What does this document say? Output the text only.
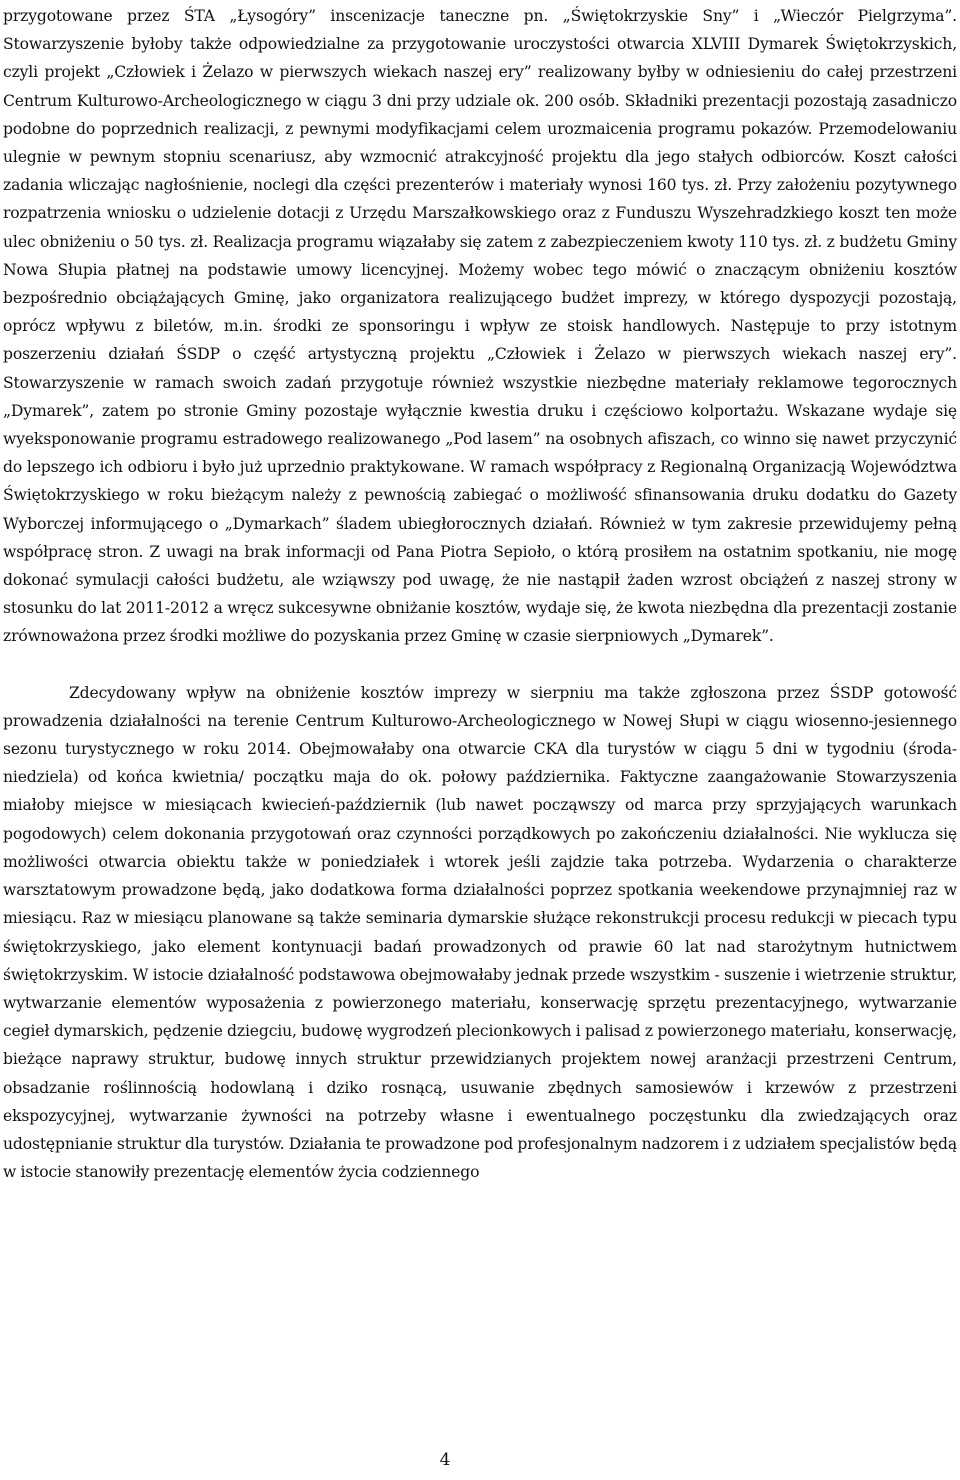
przygotowane przez ŚTA „Łysogóry” inscenizacje taneczne pn. „Świętokrzyskie Sny” i „Wieczór Pielgrzyma”. Stowarzyszenie byłoby także odpowiedzialne za przygotowanie uroczystości otwarcia XLVIII Dymarek Świętokrzyskich, czyli projekt „Człowiek i Żelazo w pierwszych wiekach naszej ery” realizowany byłby w odniesieniu do całej przestrzeni Centrum Kulturowo-Archeologicznego w ciągu 3 dni przy udziale ok. 200 osób. Składniki prezentacji pozostają zasadniczo podobne do poprzednich realizacji, z pewnymi modyfikacjami celem urozmaicenia programu pokazów. Przemodelowaniu ulegnie w pewnym stopniu scenariusz, aby wzmocnić atrakcyjność projektu dla jego stałych odbiorców. Koszt całości zadania wliczając nagłośnienie, noclegi dla części prezenterów i materiały wynosi 160 tys. zł. Przy założeniu pozytywnego rozpatrzenia wniosku o udzielenie dotacji z Urzędu Marszałkowskiego oraz z Funduszu Wyszehradzkiego koszt ten może ulec obniżeniu o 50 tys. zł. Realizacja programu wiązałaby się zatem z zabezpieczeniem kwoty 110 tys. zł. z budżetu Gminy Nowa Słupia płatnej na podstawie umowy licencyjnej. Możemy wobec tego mówić o znaczącym obniżeniu kosztów bezpośrednio obciążających Gminę, jako organizatora realizującego budżet imprezy, w którego dyspozycji pozostają, oprócz wpływu z biletów, m.in. środki ze sponsoringu i wpływ ze stoisk handlowych. Następuje to przy istotnym poszerzeniu działań ŚSDP o część artystyczną projektu „Człowiek i Żelazo w pierwszych wiekach naszej ery”. Stowarzyszenie w ramach swoich zadań przygotuje również wszystkie niezbędne materiały reklamowe tegorocznych „Dymarek”, zatem po stronie Gminy pozostaje wyłącznie kwestia druku i częściowo kolportażu. Wskazane wydaje się wyeksponowanie programu estradowego realizowanego „Pod lasem” na osobnych afiszach, co winno się nawet przyczynić do lepszego ich odbioru i było już uprzednio praktykowane. W ramach współpracy z Regionalną Organizacją Województwa Świętokrzyskiego w roku bieżącym należy z pewnością zabiegać o możliwość sfinansowania druku dodatku do Gazety Wyborczej informującego o „Dymarkach” śladem ubiegłorocznych działań. Również w tym zakresie przewidujemy pełną współpracę stron. Z uwagi na brak informacji od Pana Piotra Sepioło, o którą prosiłem na ostatnim spotkaniu, nie mogę dokonać symulacji całości budżetu, ale wziąwszy pod uwagę, że nie nastąpił żaden wzrost obciążeń z naszej strony w stosunku do lat 2011-2012 a wręcz sukcesywne obniżanie kosztów, wydaje się, że kwota niezbędna dla prezentacji zostanie zrównoważona przez środki możliwe do pozyskania przez Gminę w czasie sierpniowych „Dymarek”.

Zdecydowany wpływ na obniżenie kosztów imprezy w sierpniu ma także zgłoszona przez ŚSDP gotowość prowadzenia działalności na terenie Centrum Kulturowo-Archeologicznego w Nowej Słupi w ciągu wiosenno-jesiennego sezonu turystycznego w roku 2014. Obejmowałaby ona otwarcie CKA dla turystów w ciągu 5 dni w tygodniu (środa-niedziela) od końca kwietnia/ początku maja do ok. połowy października. Faktyczne zaangażowanie Stowarzyszenia miałoby miejsce w miesiącach kwiecień-październik (lub nawet począwszy od marca przy sprzyjających warunkach pogodowych) celem dokonania przygotowań oraz czynności porządkowych po zakończeniu działalności. Nie wyklucza się możliwości otwarcia obiektu także w poniedziałek i wtorek jeśli zajdzie taka potrzeba. Wydarzenia o charakterze warsztatowym prowadzone będą, jako dodatkowa forma działalności poprzez spotkania weekendowe przynajmniej raz w miesiącu. Raz w miesiącu planowane są także seminaria dymarskie służące rekonstrukcji procesu redukcji w piecach typu świętokrzyskiego, jako element kontynuacji badań prowadzonych od prawie 60 lat nad starożytnym hutnictwem świętokrzyskim. W istocie działalność podstawowa obejmowałaby jednak przede wszystkim - suszenie i wietrzenie struktur, wytwarzanie elementów wyposażenia z powierzonego materiału, konserwację sprzętu prezentacyjnego, wytwarzanie cegieł dymarskich, pędzenie dziegciu, budowę wygrodzeń plecionkowych i palisad z powierzonego materiału, konserwację, bieżące naprawy struktur, budowę innych struktur przewidzianych projektem nowej aranżacji przestrzeni Centrum, obsadzanie roślinnością hodowlaną i dziko rosnącą, usuwanie zbędnych samosiewów i krzewów z przestrzeni ekspozycyjnej, wytwarzanie żywności na potrzeby własne i ewentualnego poczęstunku dla zwiedzających oraz udostępnianie struktur dla turystów. Działania te prowadzone pod profesjonalnym nadzorem i z udziałem specjalistów będą w istocie stanowiły prezentację elementów życia codziennego

4
